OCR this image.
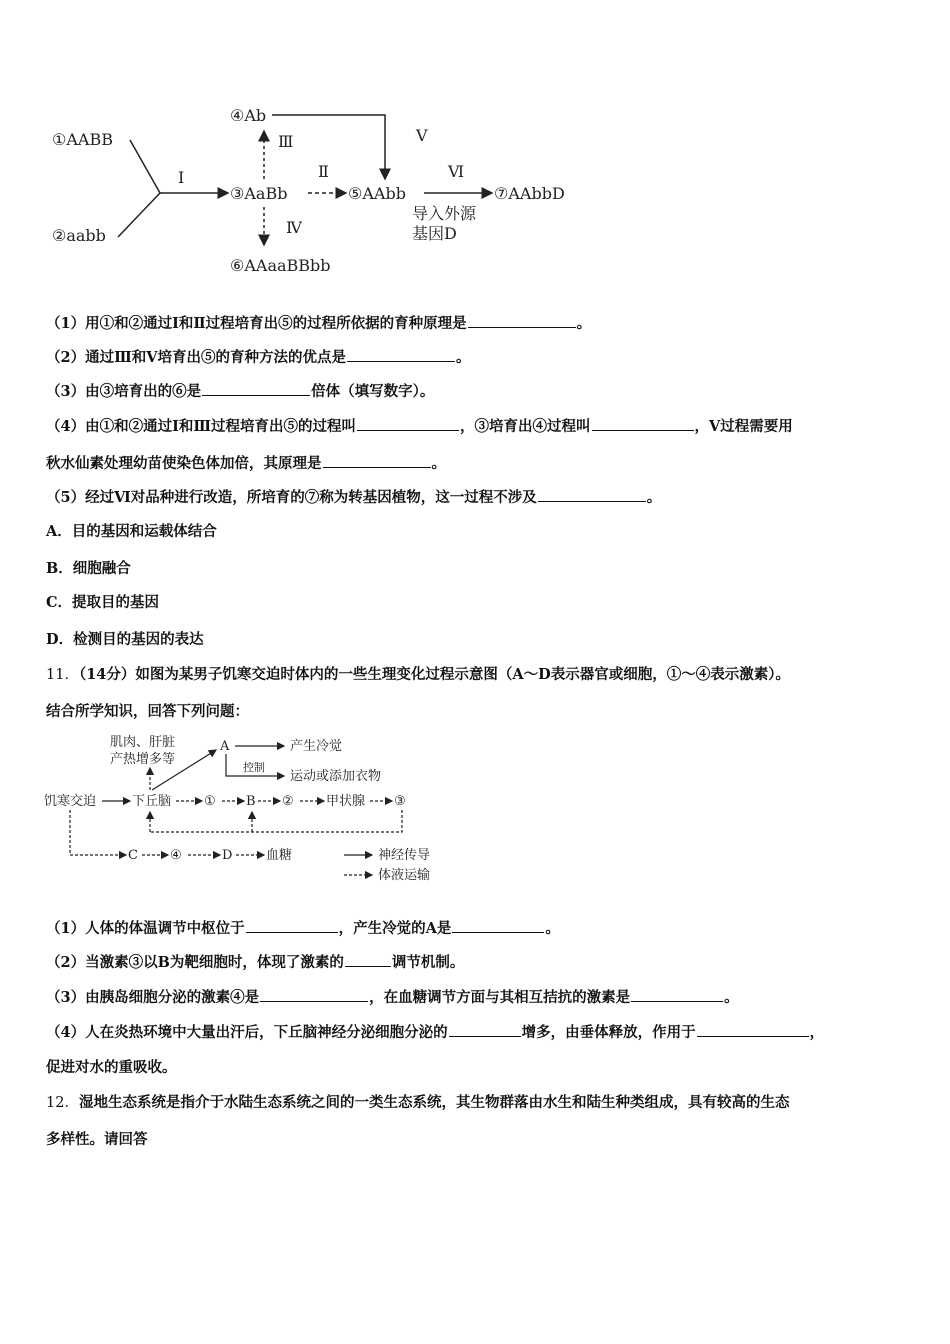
①AABB
②aabb
Ⅰ
③AaBb
④Ab
Ⅲ
Ⅳ
⑥AAaaBBbb
Ⅱ
Ⅴ
⑤AAbb
Ⅵ
导入外源
基因D
⑦AAbbD
（1）用①和②通过Ⅰ和Ⅱ过程培育出⑤的过程所依据的育种原理是	。
（2）通过Ⅲ和Ⅴ培育出⑤的育种方法的优点是	。
（3）由③培育出的⑥是	倍体（填写数字）。
（4）由①和②通过Ⅰ和Ⅲ过程培育出⑤的过程叫	，③培育出④过程叫	，Ⅴ过程需要用
秋水仙素处理幼苗使染色体加倍，其原理是	。
（5）经过Ⅵ对品种进行改造，所培育的⑦称为转基因植物，这一过程不涉及	。
A．目的基因和运载体结合
B．细胞融合
C．提取目的基因
D．检测目的基因的表达
11．（14分）如图为某男子饥寒交迫时体内的一些生理变化过程示意图（A～D表示器官或细胞，①～④表示激素）。
结合所学知识，回答下列问题：
肌肉、肝脏
产热增多等
A	产生冷觉
控制
运动或添加衣物
饥寒交迫	下丘脑	① B ② 甲状腺 ③
C ④	D	血糖	神经传导
体液运输
（1）人体的体温调节中枢位于	，产生冷觉的A是	。
（2）当激素③以B为靶细胞时，体现了激素的	调节机制。
（3）由胰岛细胞分泌的激素④是	，在血糖调节方面与其相互拮抗的激素是	。
（4）人在炎热环境中大量出汗后，下丘脑神经分泌细胞分泌的	增多，由垂体释放，作用于	，
促进对水的重吸收。
12．湿地生态系统是指介于水陆生态系统之间的一类生态系统，其生物群落由水生和陆生种类组成，具有较高的生态
多样性。请回答
